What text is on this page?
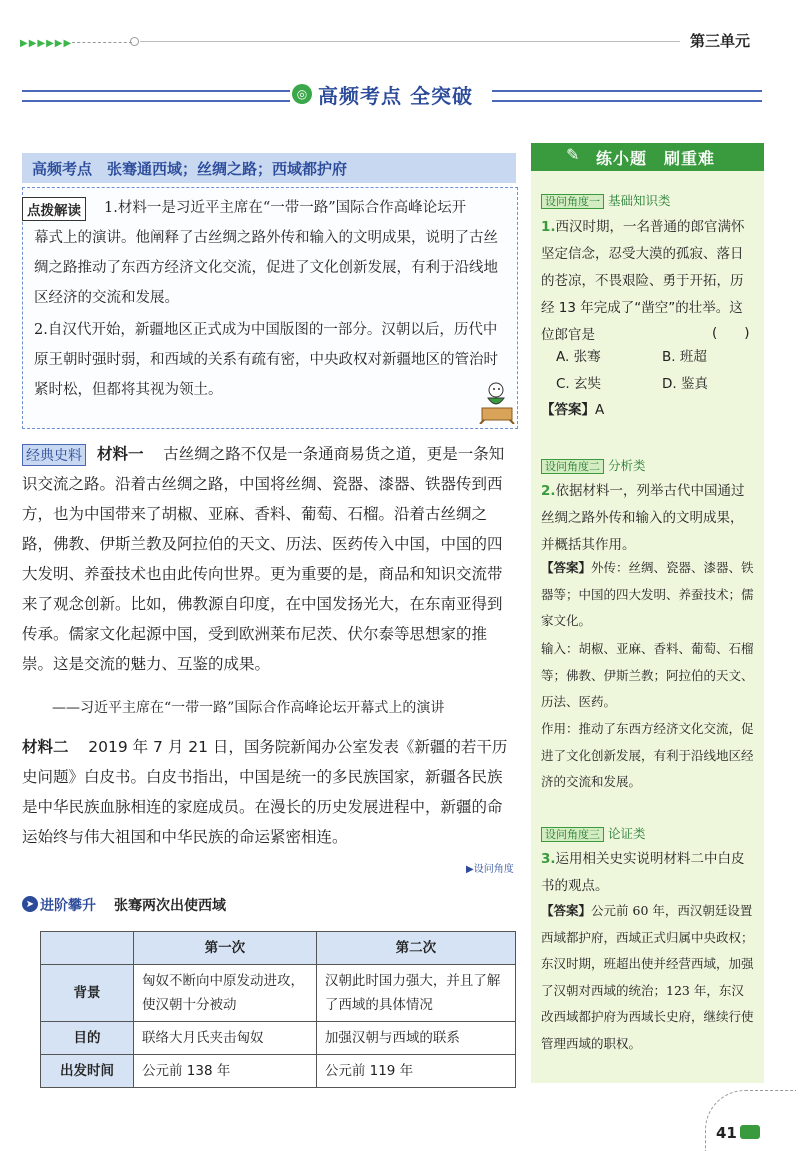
▶▶▶▶▶▶	第三单元
◎ 高频考点 全突破
高频考点　张骞通西域；丝绸之路；西域都护府
点拨解读	1.材料一是习近平主席在“一带一路”国际合作高峰论坛开
幕式上的演讲。他阐释了古丝绸之路外传和输入的文明成果，说明了古丝绸之路推动了东西方经济文化交流，促进了文化创新发展，有利于沿线地区经济的交流和发展。
2.自汉代开始，新疆地区正式成为中国版图的一部分。汉朝以后，历代中原王朝时强时弱，和西域的关系有疏有密，中央政权对新疆地区的管治时紧时松，但都将其视为领土。
经典史料 材料一 古丝绸之路不仅是一条通商易货之道，更是一条知识交流之路。沿着古丝绸之路，中国将丝绸、瓷器、漆器、铁器传到西方，也为中国带来了胡椒、亚麻、香料、葡萄、石榴。沿着古丝绸之路，佛教、伊斯兰教及阿拉伯的天文、历法、医药传入中国，中国的四大发明、养蚕技术也由此传向世界。更为重要的是，商品和知识交流带来了观念创新。比如，佛教源自印度，在中国发扬光大，在东南亚得到传承。儒家文化起源中国，受到欧洲莱布尼茨、伏尔泰等思想家的推崇。这是交流的魅力、互鉴的成果。
——习近平主席在“一带一路”国际合作高峰论坛开幕式上的演讲
材料二 2019 年 7 月 21 日，国务院新闻办公室发表《新疆的若干历史问题》白皮书。白皮书指出，中国是统一的多民族国家，新疆各民族是中华民族血脉相连的家庭成员。在漫长的历史发展进程中，新疆的命运始终与伟大祖国和中华民族的命运紧密相连。
▶设问角度
➤ 进阶攀升 张骞两次出使西域
	第一次	第二次
背景	匈奴不断向中原发动进攻，使汉朝十分被动	汉朝此时国力强大，并且了解了西域的具体情况
目的	联络大月氏夹击匈奴	加强汉朝与西域的联系
出发时间	公元前 138 年	公元前 119 年
✎	练小题　刷重难
设问角度一 基础知识类
1.西汉时期，一名普通的郎官满怀坚定信念，忍受大漠的孤寂、落日的苍凉，不畏艰险、勇于开拓，历经 13 年完成了“凿空”的壮举。这位郎官是	(　　)
A. 张骞	B. 班超
C. 玄奘	D. 鉴真
【答案】A
设问角度二 分析类
2.依据材料一，列举古代中国通过丝绸之路外传和输入的文明成果，并概括其作用。
【答案】外传：丝绸、瓷器、漆器、铁器等；中国的四大发明、养蚕技术；儒家文化。
输入：胡椒、亚麻、香料、葡萄、石榴等；佛教、伊斯兰教；阿拉伯的天文、历法、医药。
作用：推动了东西方经济文化交流，促进了文化创新发展，有利于沿线地区经济的交流和发展。
设问角度三 论证类
3.运用相关史实说明材料二中白皮书的观点。
【答案】公元前 60 年，西汉朝廷设置西域都护府，西域正式归属中央政权；东汉时期，班超出使并经营西域，加强了汉朝对西域的统治；123 年，东汉改西域都护府为西域长史府，继续行使管理西域的职权。
41
